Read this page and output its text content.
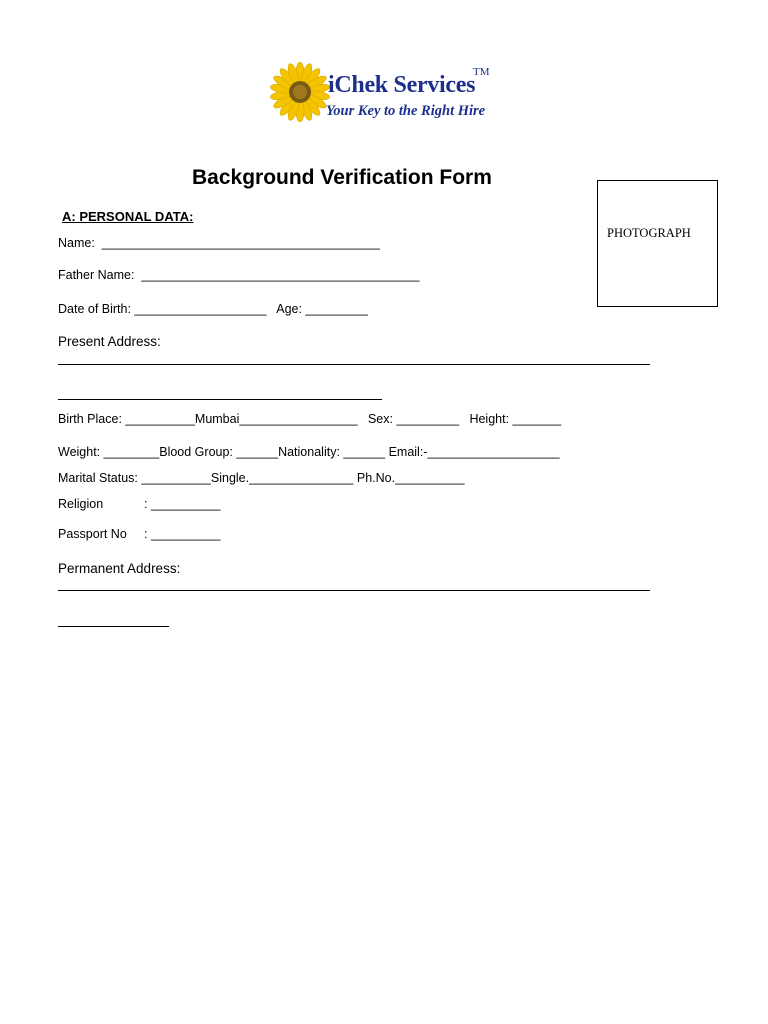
iChek Services
TM
Your Key to the Right Hire
Background Verification Form
A: PERSONAL DATA:
PHOTOGRAPH
Name:  ________________________________________
Father Name:  ________________________________________
Date of Birth: ___________________   Age: _________
Present Address:
Birth Place: __________Mumbai_________________   Sex: _________   Height: _______
Weight: ________Blood Group: ______Nationality: ______ Email:-___________________
Marital Status: __________Single._______________ Ph.No.__________
Religion	: __________
Passport No : __________
Permanent Address:
